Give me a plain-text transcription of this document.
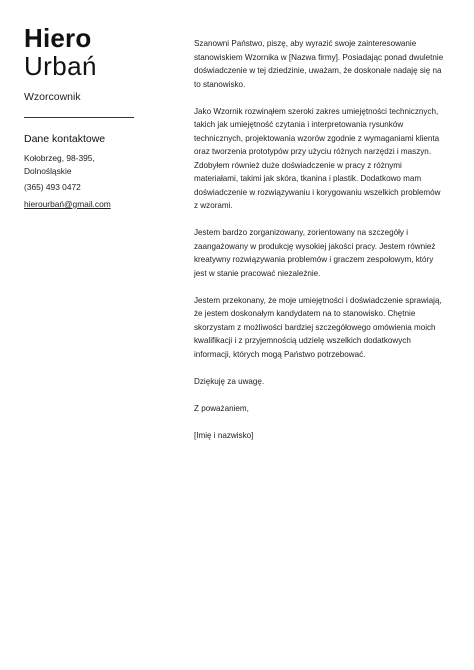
Hiero
Urbań
Wzorcownik
Dane kontaktowe
Kołobrzeg, 98-395,
Dolnośląskie
(365) 493 0472
hierourbań@gmail.com

Szanowni Państwo, piszę, aby wyrazić swoje zainteresowanie stanowiskiem Wzornika w [Nazwa firmy]. Posiadając ponad dwuletnie doświadczenie w tej dziedzinie, uważam, że doskonale nadaję się na to stanowisko.

Jako Wzornik rozwinąłem szeroki zakres umiejętności technicznych, takich jak umiejętność czytania i interpretowania rysunków technicznych, projektowania wzorów zgodnie z wymaganiami klienta oraz tworzenia prototypów przy użyciu różnych narzędzi i maszyn. Zdobyłem również duże doświadczenie w pracy z różnymi materiałami, takimi jak skóra, tkanina i plastik. Dodatkowo mam doświadczenie w rozwiązywaniu i korygowaniu wszelkich problemów z wzorami.

Jestem bardzo zorganizowany, zorientowany na szczegóły i zaangażowany w produkcję wysokiej jakości pracy. Jestem również kreatywny rozwiązywania problemów i graczem zespołowym, który jest w stanie pracować niezależnie.

Jestem przekonany, że moje umiejętności i doświadczenie sprawiają, że jestem doskonałym kandydatem na to stanowisko. Chętnie skorzystam z możliwości bardziej szczegółowego omówienia moich kwalifikacji i z przyjemnością udzielę wszelkich dodatkowych informacji, których mogą Państwo potrzebować.

Dziękuję za uwagę.

Z poważaniem,

[Imię i nazwisko]
